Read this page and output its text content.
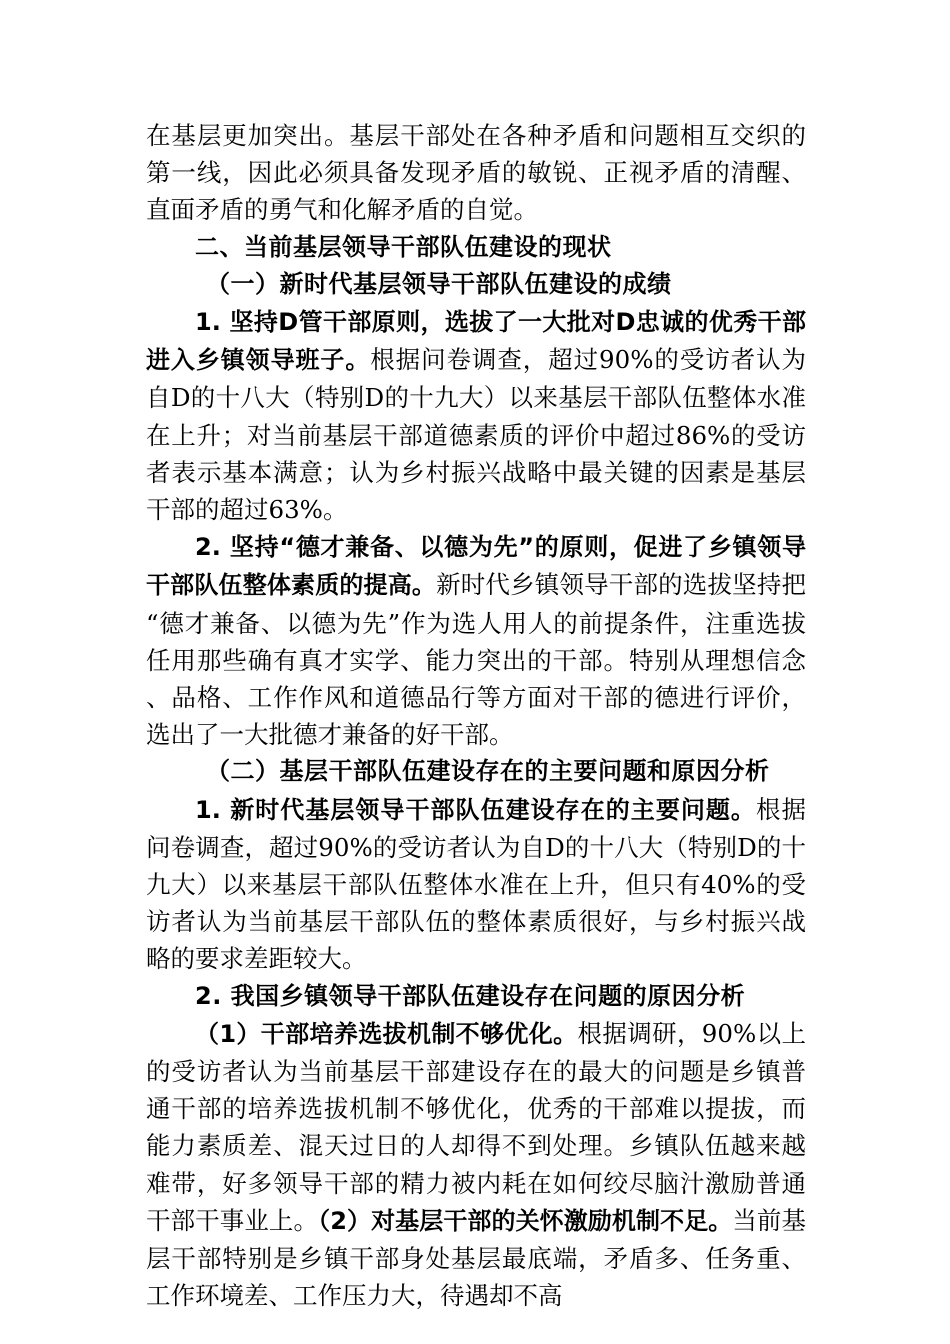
在基层更加突出。基层干部处在各种矛盾和问题相互交织的第一线，因此必须具备发现矛盾的敏锐、正视矛盾的清醒、直面矛盾的勇气和化解矛盾的自觉。

二、当前基层领导干部队伍建设的现状

（一）新时代基层领导干部队伍建设的成绩

1. 坚持D管干部原则，选拔了一大批对D忠诚的优秀干部进入乡镇领导班子。根据问卷调查，超过90%的受访者认为自D的十八大（特别D的十九大）以来基层干部队伍整体水准在上升；对当前基层干部道德素质的评价中超过86%的受访者表示基本满意；认为乡村振兴战略中最关键的因素是基层干部的超过63%。

2. 坚持“德才兼备、以德为先”的原则，促进了乡镇领导干部队伍整体素质的提高。新时代乡镇领导干部的选拔坚持把“德才兼备、以德为先”作为选人用人的前提条件，注重选拔任用那些确有真才实学、能力突出的干部。特别从理想信念、品格、工作作风和道德品行等方面对干部的德进行评价，选出了一大批德才兼备的好干部。

（二）基层干部队伍建设存在的主要问题和原因分析

1. 新时代基层领导干部队伍建设存在的主要问题。根据问卷调查，超过90%的受访者认为自D的十八大（特别D的十九大）以来基层干部队伍整体水准在上升，但只有40%的受访者认为当前基层干部队伍的整体素质很好，与乡村振兴战略的要求差距较大。

2. 我国乡镇领导干部队伍建设存在问题的原因分析

（1）干部培养选拔机制不够优化。根据调研，90%以上的受访者认为当前基层干部建设存在的最大的问题是乡镇普通干部的培养选拔机制不够优化，优秀的干部难以提拔，而能力素质差、混天过日的人却得不到处理。乡镇队伍越来越难带，好多领导干部的精力被内耗在如何绞尽脑汁激励普通干部干事业上。（2）对基层干部的关怀激励机制不足。当前基层干部特别是乡镇干部身处基层最底端，矛盾多、任务重、工作环境差、工作压力大，待遇却不高
